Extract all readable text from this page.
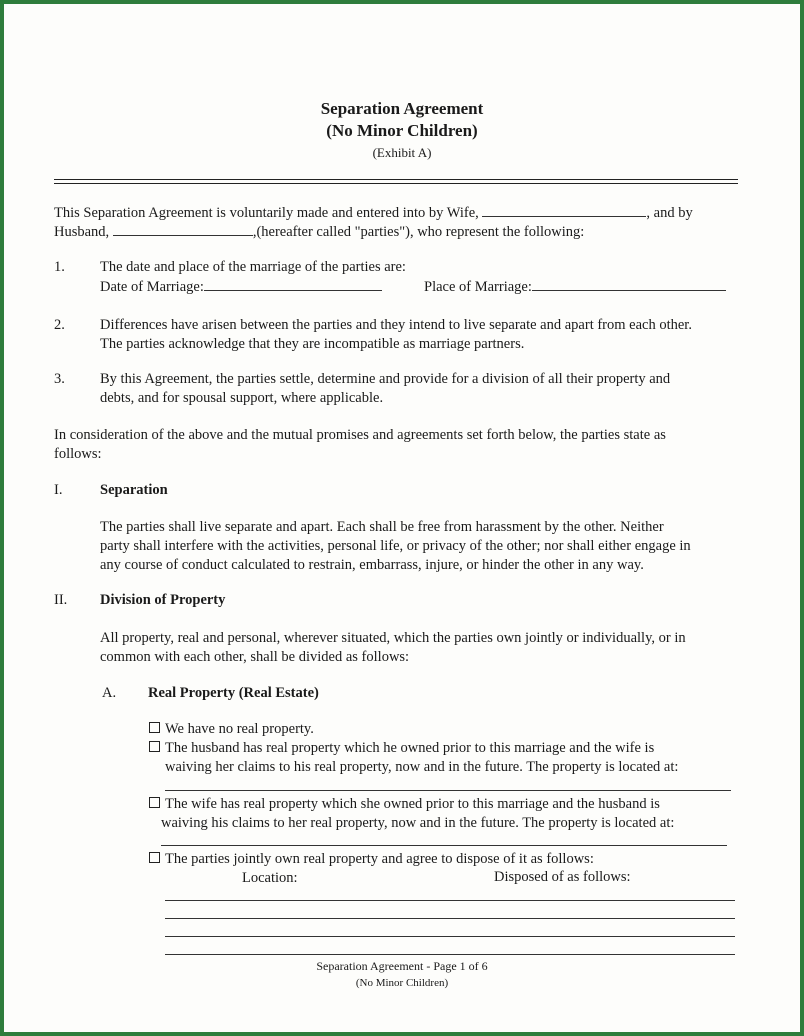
Separation Agreement
(No Minor Children)
(Exhibit A)
This Separation Agreement is voluntarily made and entered into by Wife,	, and by
Husband,	,(hereafter called "parties"), who represent the following:
1. The date and place of the marriage of the parties are:
Date of Marriage:	Place of Marriage:
2. Differences have arisen between the parties and they intend to live separate and apart from each other.
The parties acknowledge that they are incompatible as marriage partners.
3. By this Agreement, the parties settle, determine and provide for a division of all their property and
debts, and for spousal support, where applicable.
In consideration of the above and the mutual promises and agreements set forth below, the parties state as
follows:
I.	Separation
The parties shall live separate and apart. Each shall be free from harassment by the other. Neither
party shall interfere with the activities, personal life, or privacy of the other; nor shall either engage in
any course of conduct calculated to restrain, embarrass, injure, or hinder the other in any way.
II. Division of Property
All property, real and personal, wherever situated, which the parties own jointly or individually, or in
common with each other, shall be divided as follows:
A. Real Property (Real Estate)
We have no real property.
The husband has real property which he owned prior to this marriage and the wife is
waiving her claims to his real property, now and in the future. The property is located at:
The wife has real property which she owned prior to this marriage and the husband is
waiving his claims to her real property, now and in the future. The property is located at:
The parties jointly own real property and agree to dispose of it as follows:
Location:	Disposed of as follows:
Separation Agreement - Page 1 of 6
(No Minor Children)
